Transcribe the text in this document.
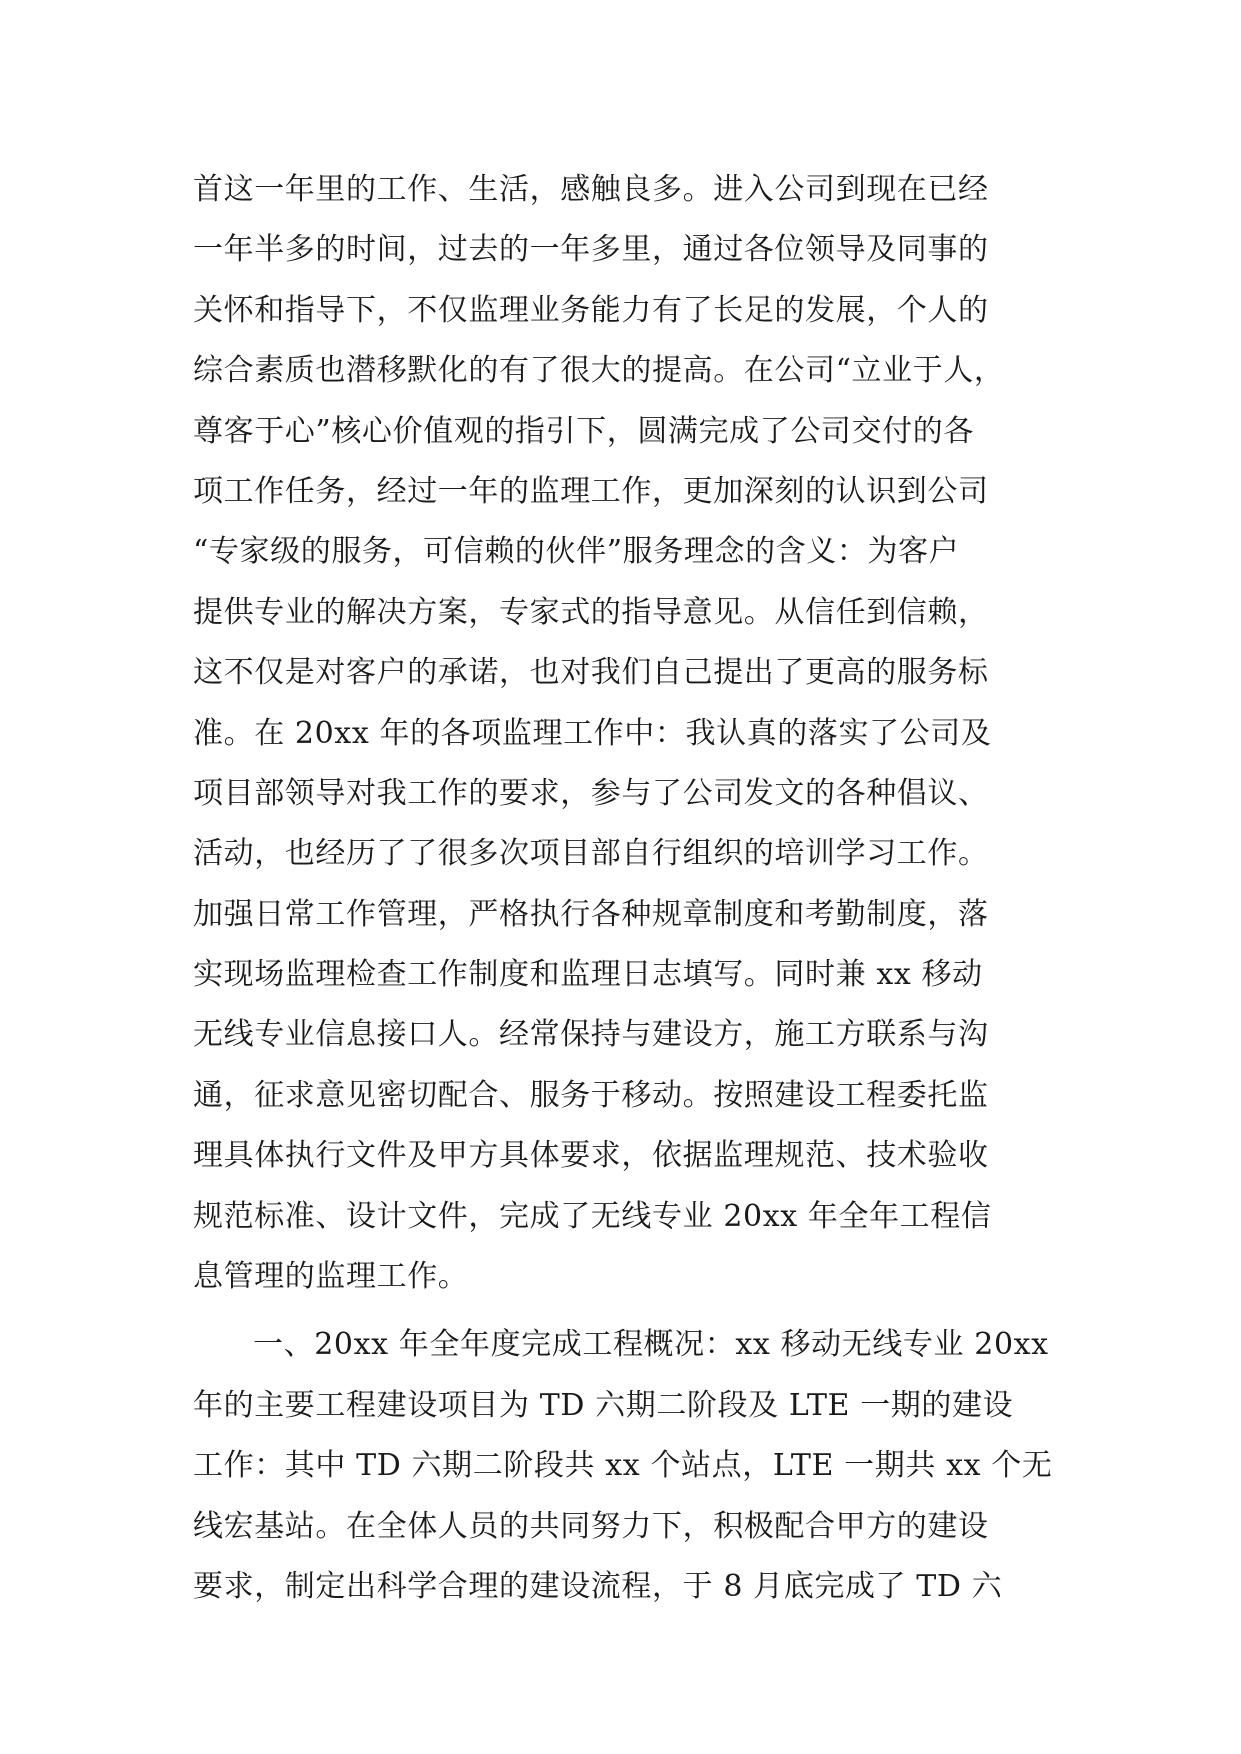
首这一年里的工作、生活，感触良多。进入公司到现在已经
一年半多的时间，过去的一年多里，通过各位领导及同事的
关怀和指导下，不仅监理业务能力有了长足的发展，个人的
综合素质也潜移默化的有了很大的提高。在公司“立业于人，
尊客于心”核心价值观的指引下，圆满完成了公司交付的各
项工作任务，经过一年的监理工作，更加深刻的认识到公司
“专家级的服务，可信赖的伙伴”服务理念的含义：为客户
提供专业的解决方案，专家式的指导意见。从信任到信赖，
这不仅是对客户的承诺，也对我们自己提出了更高的服务标
准。在 20xx 年的各项监理工作中：我认真的落实了公司及
项目部领导对我工作的要求，参与了公司发文的各种倡议、
活动，也经历了了很多次项目部自行组织的培训学习工作。
加强日常工作管理，严格执行各种规章制度和考勤制度，落
实现场监理检查工作制度和监理日志填写。同时兼 xx 移动
无线专业信息接口人。经常保持与建设方，施工方联系与沟
通，征求意见密切配合、服务于移动。按照建设工程委托监
理具体执行文件及甲方具体要求，依据监理规范、技术验收
规范标准、设计文件，完成了无线专业 20xx 年全年工程信
息管理的监理工作。
一、20xx 年全年度完成工程概况：xx 移动无线专业 20xx
年的主要工程建设项目为 TD 六期二阶段及 LTE 一期的建设
工作：其中 TD 六期二阶段共 xx 个站点，LTE 一期共 xx 个无
线宏基站。在全体人员的共同努力下，积极配合甲方的建设
要求，制定出科学合理的建设流程，于 8 月底完成了 TD 六
